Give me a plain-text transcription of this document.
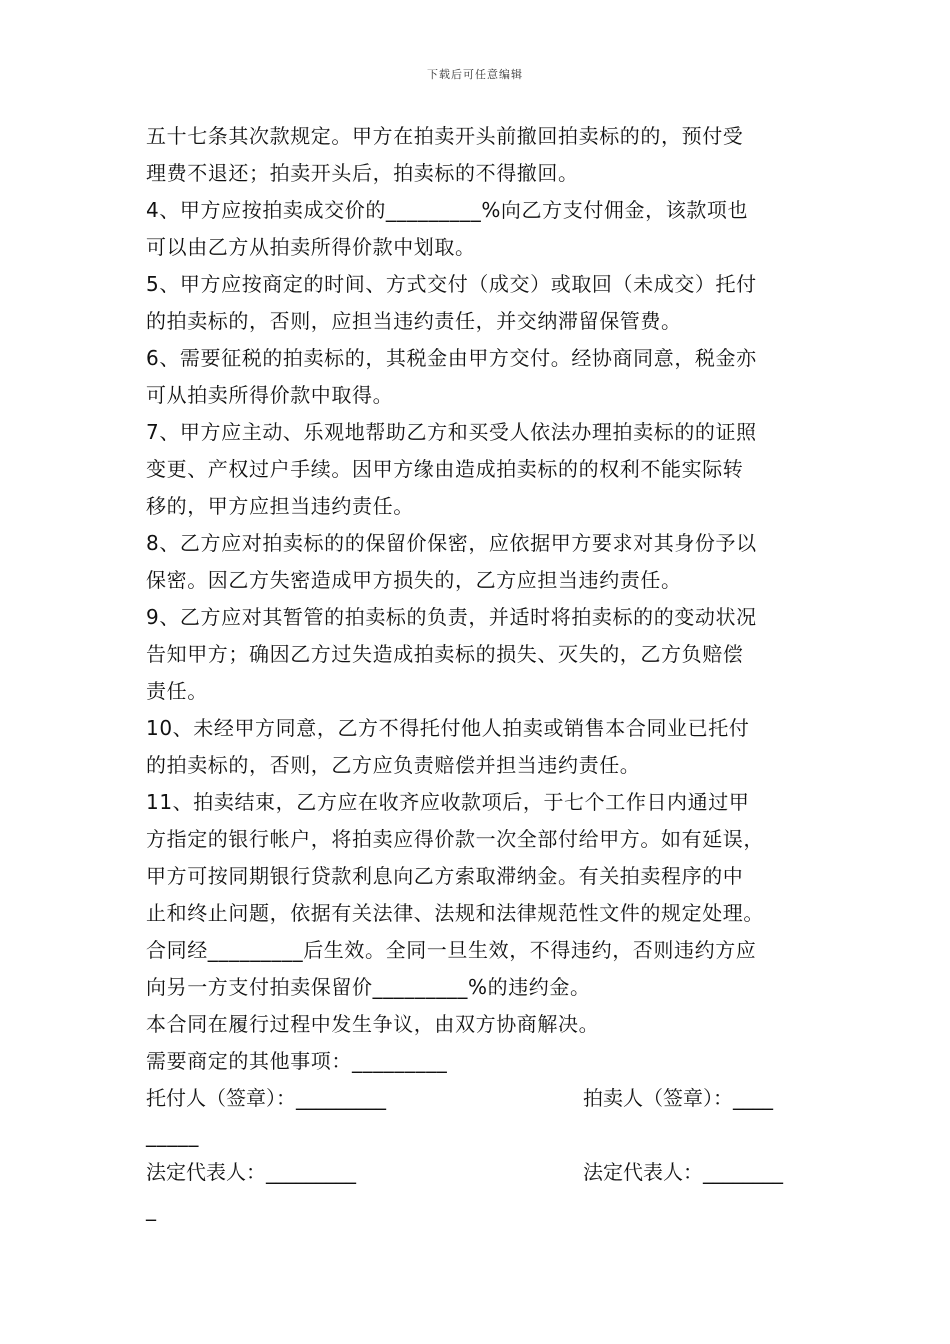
下载后可任意编辑
五十七条其次款规定。甲方在拍卖开头前撤回拍卖标的的，预付受
理费不退还；拍卖开头后，拍卖标的不得撤回。
4、甲方应按拍卖成交价的_________%向乙方支付佣金，该款项也
可以由乙方从拍卖所得价款中划取。
5、甲方应按商定的时间、方式交付（成交）或取回（未成交）托付
的拍卖标的，否则，应担当违约责任，并交纳滞留保管费。
6、需要征税的拍卖标的，其税金由甲方交付。经协商同意，税金亦
可从拍卖所得价款中取得。
7、甲方应主动、乐观地帮助乙方和买受人依法办理拍卖标的的证照
变更、产权过户手续。因甲方缘由造成拍卖标的的权利不能实际转
移的，甲方应担当违约责任。
8、乙方应对拍卖标的的保留价保密，应依据甲方要求对其身份予以
保密。因乙方失密造成甲方损失的，乙方应担当违约责任。
9、乙方应对其暂管的拍卖标的负责，并适时将拍卖标的的变动状况
告知甲方；确因乙方过失造成拍卖标的损失、灭失的，乙方负赔偿
责任。
10、未经甲方同意，乙方不得托付他人拍卖或销售本合同业已托付
的拍卖标的，否则，乙方应负责赔偿并担当违约责任。
11、拍卖结束，乙方应在收齐应收款项后，于七个工作日内通过甲
方指定的银行帐户，将拍卖应得价款一次全部付给甲方。如有延误，
甲方可按同期银行贷款利息向乙方索取滞纳金。有关拍卖程序的中
止和终止问题，依据有关法律、法规和法律规范性文件的规定处理。
合同经_________后生效。全同一旦生效，不得违约，否则违约方应
向另一方支付拍卖保留价_________%的违约金。
本合同在履行过程中发生争议，由双方协商解决。
需要商定的其他事项：_________
托付人（签章）：_________	拍卖人（签章）：____
_____
法定代表人：_________	法定代表人：________
_
